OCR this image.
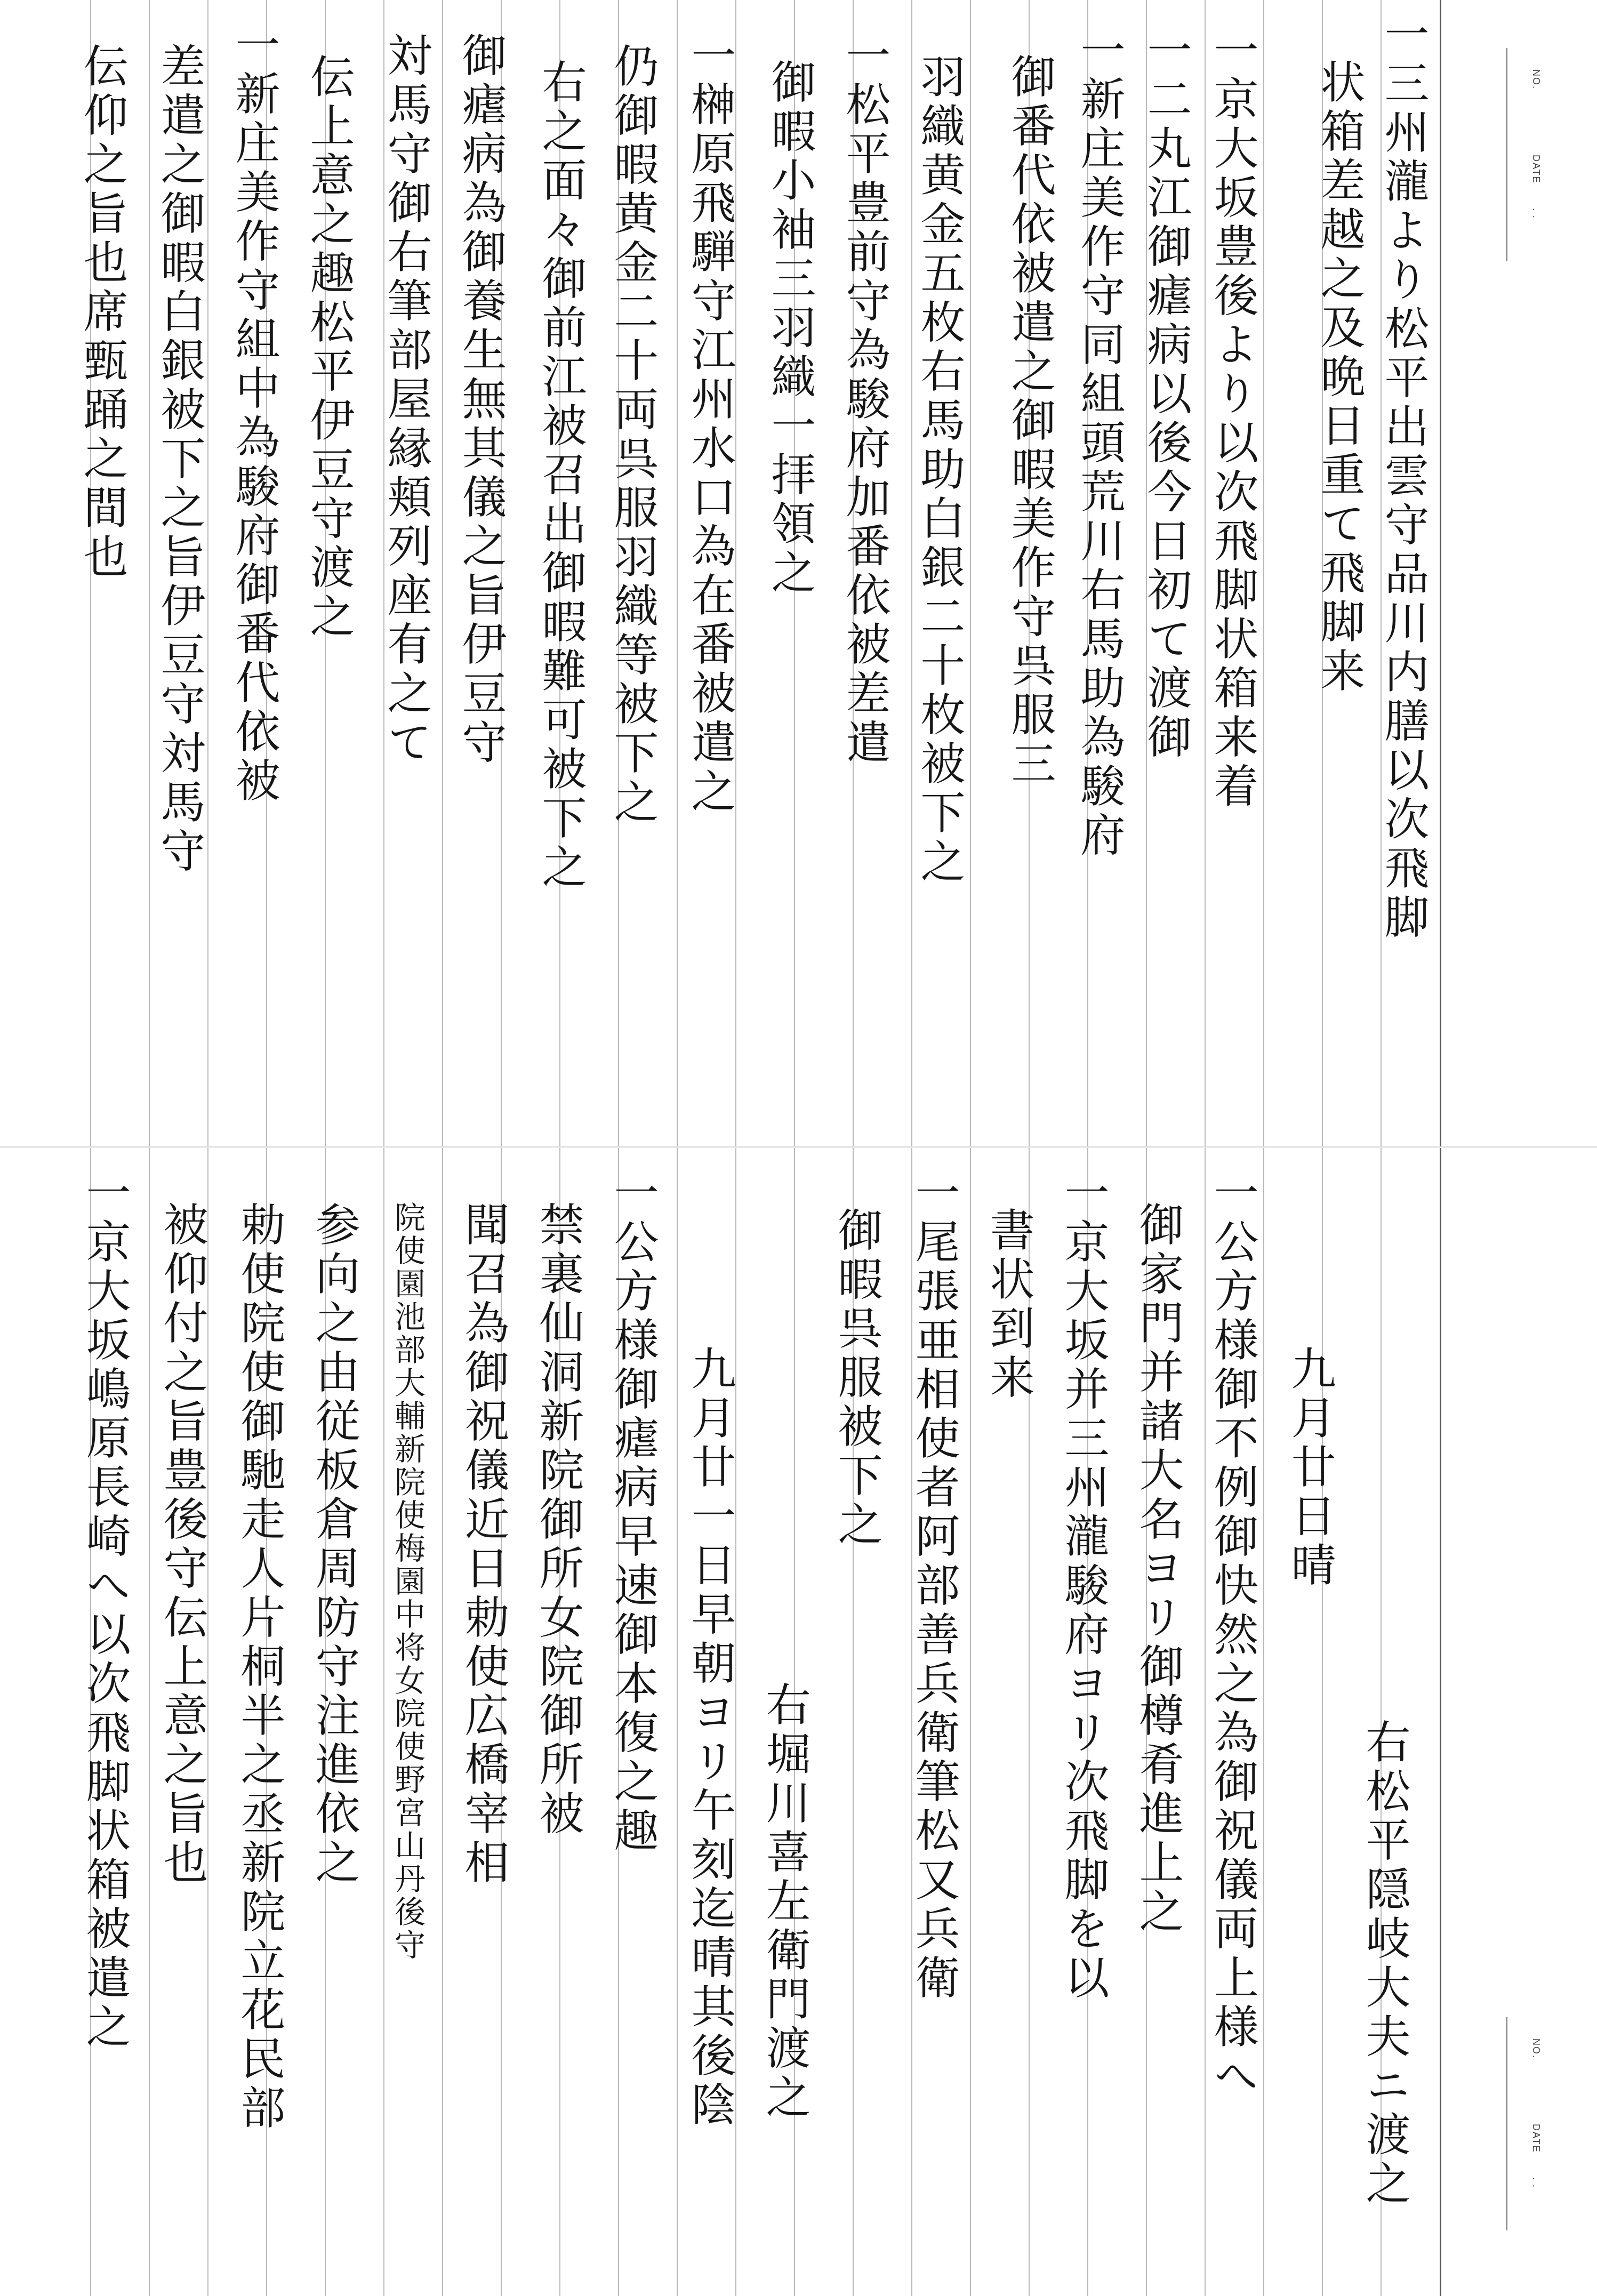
NO.
DATE
. .
一三州瀧より松平出雲守品川内膳以次飛脚
状箱差越之及晩日重て飛脚来
一京大坂豊後より以次飛脚状箱来着
一二丸江御瘧病以後今日初て渡御
一新庄美作守同組頭荒川右馬助為駿府
御番代依被遣之御暇美作守呉服三
羽織黄金五枚右馬助白銀二十枚被下之
一松平豊前守為駿府加番依被差遣
御暇小袖三羽織一拝領之
一榊原飛騨守江州水口為在番被遣之
仍御暇黄金二十両呉服羽織等被下之
右之面々御前江被召出御暇難可被下之
御瘧病為御養生無其儀之旨伊豆守
対馬守御右筆部屋縁頬列座有之て
伝上意之趣松平伊豆守渡之
一新庄美作守組中為駿府御番代依被
差遣之御暇白銀被下之旨伊豆守対馬守
伝仰之旨也席甄踊之間也
NO.
DATE
. .
右松平隠岐大夫ニ渡之
九月廿日晴
一公方様御不例御快然之為御祝儀両上様へ
御家門并諸大名ヨリ御樽肴進上之
一京大坂并三州瀧駿府ヨリ次飛脚を以
書状到来
一尾張亜相使者阿部善兵衛筆松又兵衛
御暇呉服被下之
右堀川喜左衛門渡之
九月廿一日早朝ヨリ午刻迄晴其後陰
一公方様御瘧病早速御本復之趣
禁裏仙洞新院御所女院御所被
聞召為御祝儀近日勅使広橋宰相
院使園池部大輔新院使梅園中将女院使野宮山丹後守
参向之由従板倉周防守注進依之
勅使院使御馳走人片桐半之丞新院立花民部
被仰付之旨豊後守伝上意之旨也
一京大坂嶋原長崎へ以次飛脚状箱被遣之
